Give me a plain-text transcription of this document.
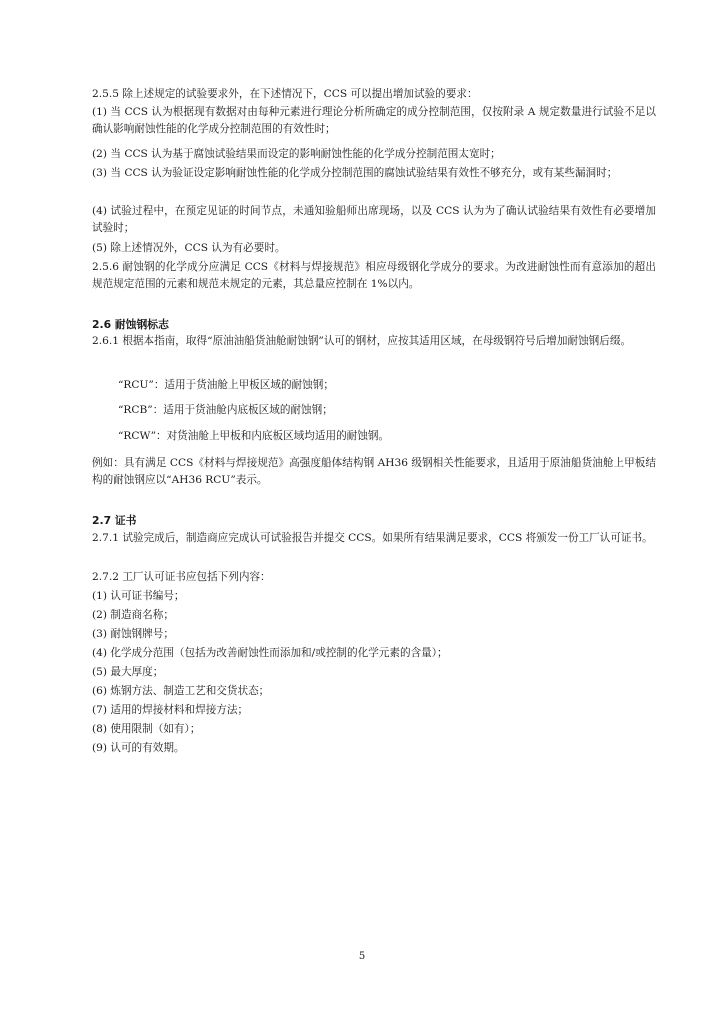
2.5.5 除上述规定的试验要求外，在下述情况下，CCS 可以提出增加试验的要求：

(1) 当 CCS 认为根据现有数据对由每种元素进行理论分析所确定的成分控制范围，仅按附录 A 规定数量进行试验不足以确认影响耐蚀性能的化学成分控制范围的有效性时；

(2) 当 CCS 认为基于腐蚀试验结果而设定的影响耐蚀性能的化学成分控制范围太宽时；

(3) 当 CCS 认为验证设定影响耐蚀性能的化学成分控制范围的腐蚀试验结果有效性不够充分，或有某些漏洞时；

(4) 试验过程中，在预定见证的时间节点，未通知验船师出席现场，以及 CCS 认为为了确认试验结果有效性有必要增加试验时；

(5) 除上述情况外，CCS 认为有必要时。

2.5.6 耐蚀钢的化学成分应满足 CCS《材料与焊接规范》相应母级钢化学成分的要求。为改进耐蚀性而有意添加的超出规范规定范围的元素和规范未规定的元素，其总量应控制在 1%以内。

2.6 耐蚀钢标志

2.6.1 根据本指南，取得“原油油船货油舱耐蚀钢”认可的钢材，应按其适用区域，在母级钢符号后增加耐蚀钢后缀。

“RCU”：适用于货油舱上甲板区域的耐蚀钢；

“RCB”：适用于货油舱内底板区域的耐蚀钢；

“RCW”：对货油舱上甲板和内底板区域均适用的耐蚀钢。

例如：具有满足 CCS《材料与焊接规范》高强度船体结构钢 AH36 级钢相关性能要求，且适用于原油船货油舱上甲板结构的耐蚀钢应以“AH36 RCU”表示。

2.7 证书

2.7.1 试验完成后，制造商应完成认可试验报告并提交 CCS。如果所有结果满足要求，CCS 将颁发一份工厂认可证书。

2.7.2 工厂认可证书应包括下列内容：

(1) 认可证书编号；

(2) 制造商名称；

(3) 耐蚀钢牌号；

(4) 化学成分范围（包括为改善耐蚀性而添加和/或控制的化学元素的含量）；

(5) 最大厚度；

(6) 炼钢方法、制造工艺和交货状态；

(7) 适用的焊接材料和焊接方法；

(8) 使用限制（如有）；

(9) 认可的有效期。

5
